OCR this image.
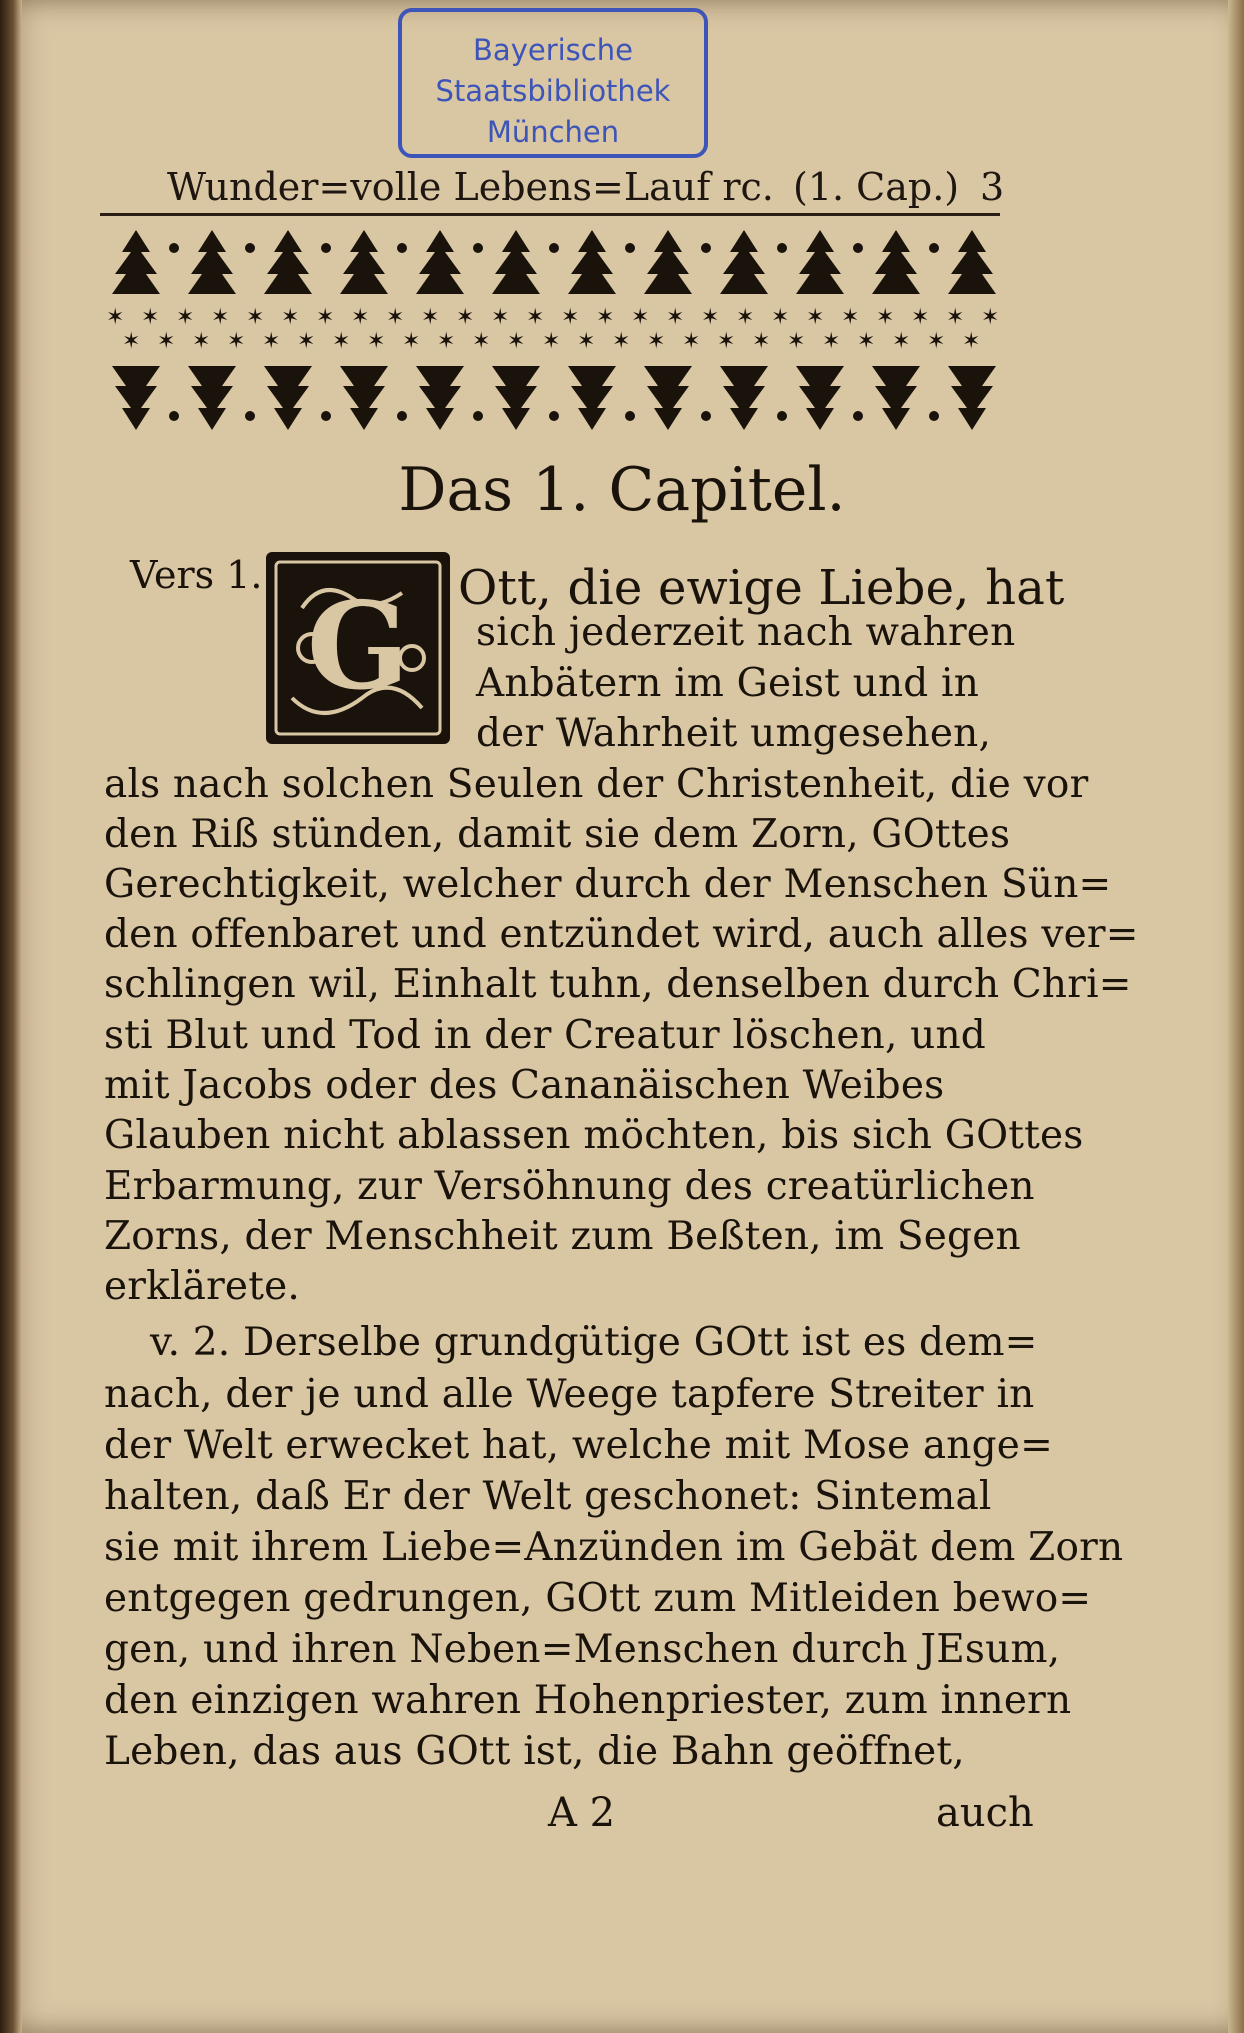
Bayerische
Staatsbibliothek
München
Wunder=volle Lebens=Lauf rc. (1. Cap.) 3
✶ ✶ ✶ ✶ ✶ ✶ ✶ ✶ ✶ ✶ ✶ ✶ ✶ ✶ ✶ ✶ ✶ ✶ ✶ ✶ ✶ ✶ ✶ ✶ ✶ ✶
✶ ✶ ✶ ✶ ✶ ✶ ✶ ✶ ✶ ✶ ✶ ✶ ✶ ✶ ✶ ✶ ✶ ✶ ✶ ✶ ✶ ✶ ✶ ✶ ✶
Das 1. Capitel.
Vers 1.
G Ott, die ewige Liebe, hat
sich jederzeit nach wahren
Anbätern im Geist und in
der Wahrheit umgesehen,
als nach solchen Seulen der Christenheit, die vor
den Riß stünden, damit sie dem Zorn, GOttes
Gerechtigkeit, welcher durch der Menschen Sün=
den offenbaret und entzündet wird, auch alles ver=
schlingen wil, Einhalt tuhn, denselben durch Chri=
sti Blut und Tod in der Creatur löschen, und
mit Jacobs oder des Cananäischen Weibes
Glauben nicht ablassen möchten, bis sich GOttes
Erbarmung, zur Versöhnung des creatürlichen
Zorns, der Menschheit zum Beßten, im Segen
erklärete.
v. 2. Derselbe grundgütige GOtt ist es dem=
nach, der je und alle Weege tapfere Streiter in
der Welt erwecket hat, welche mit Mose ange=
halten, daß Er der Welt geschonet: Sintemal
sie mit ihrem Liebe=Anzünden im Gebät dem Zorn
entgegen gedrungen, GOtt zum Mitleiden bewo=
gen, und ihren Neben=Menschen durch JEsum,
den einzigen wahren Hohenpriester, zum innern
Leben, das aus GOtt ist, die Bahn geöffnet,
A 2	auch
